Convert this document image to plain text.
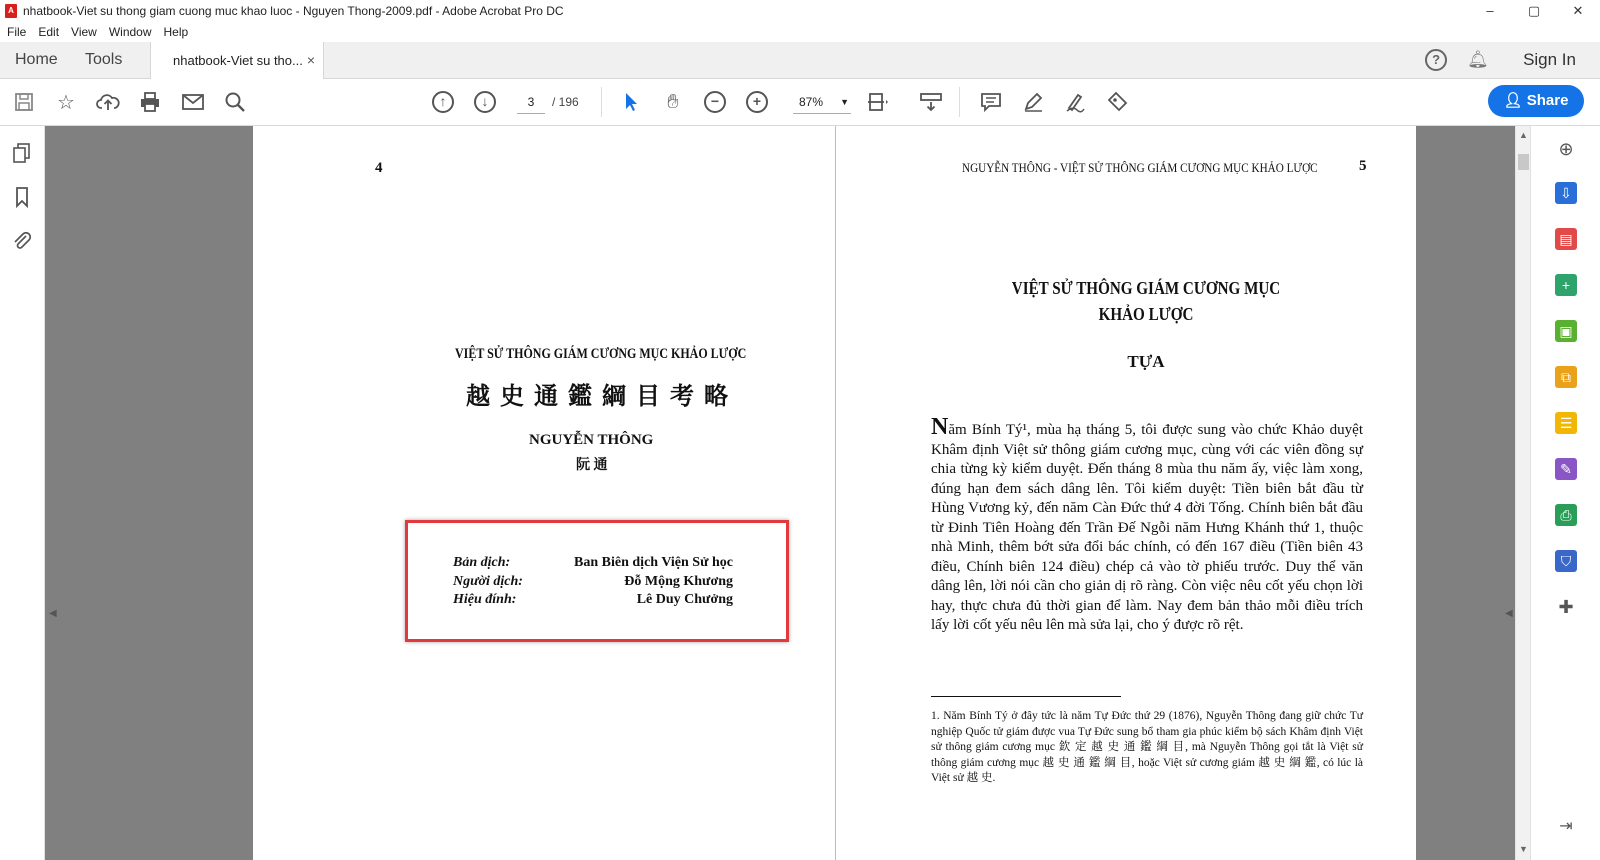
A nhatbook-Viet su thong giam cuong muc khao luoc - Nguyen Thong-2009.pdf - Adobe Acrobat Pro DC	–	▢	✕
File Edit View Window Help
Home Tools	nhatbook-Viet su tho... ×	?	🔔︎ Sign In
☆	↑	↓	3	/ 196	✋︎	−	+	87% ▼	👤︎ Share
◀
4
VIỆT SỬ THÔNG GIÁM CƯƠNG MỤC KHẢO LƯỢC
越 史 通 鑑 綱 目 考 略
NGUYỄN THÔNG
阮 通
Bản dịch:	Ban Biên dịch Viện Sử học
Người dịch:	Đỗ Mộng Khương
Hiệu đính:	Lê Duy Chưởng
NGUYỄN THÔNG - VIỆT SỬ THÔNG GIÁM CƯƠNG MỤC KHẢO LƯỢC	5
VIỆT SỬ THÔNG GIÁM CƯƠNG MỤC
KHẢO LƯỢC
TỰA
Năm Bính Tý¹, mùa hạ tháng 5, tôi được sung vào chức Khảo duyệt Khâm định Việt sử thông giám cương mục, cùng với các viên đồng sự chia từng kỳ kiểm duyệt. Đến tháng 8 mùa thu năm ấy, việc làm xong, đúng hạn đem sách dâng lên. Tôi kiểm duyệt: Tiền biên bắt đầu từ Hùng Vương kỷ, đến năm Càn Đức thứ 4 đời Tống. Chính biên bắt đầu từ Đinh Tiên Hoàng đến Trần Đế Ngỗi năm Hưng Khánh thứ 1, thuộc nhà Minh, thêm bớt sửa đổi bác chính, có đến 167 điều (Tiền biên 43 điều, Chính biên 124 điều) chép cả vào tờ phiếu trước. Duy thể văn dâng lên, lời nói cần cho giản dị rõ ràng. Còn việc nêu cốt yếu chọn lời hay, thực chưa đủ thời gian để làm. Nay đem bản thảo mỗi điều trích lấy lời cốt yếu nêu lên mà sửa lại, cho ý được rõ rệt.
1. Năm Bính Tý ở đây tức là năm Tự Đức thứ 29 (1876), Nguyễn Thông đang giữ chức Tư nghiệp Quốc tử giám được vua Tự Đức sung bổ tham gia phúc kiểm bộ sách Khâm định Việt sử thông giám cương mục 欽 定 越 史 通 鑑 綱 目, mà Nguyễn Thông gọi tắt là Việt sử thông giám cương mục 越 史 通 鑑 綱 目, hoặc Việt sử cương giám 越 史 綱 鑑, có lúc là Việt sử 越 史.
◀
▲
▼
⊕
⇩
▤
+
▣
⧉
☰
✎
⎙
⛉
✚
⇥
